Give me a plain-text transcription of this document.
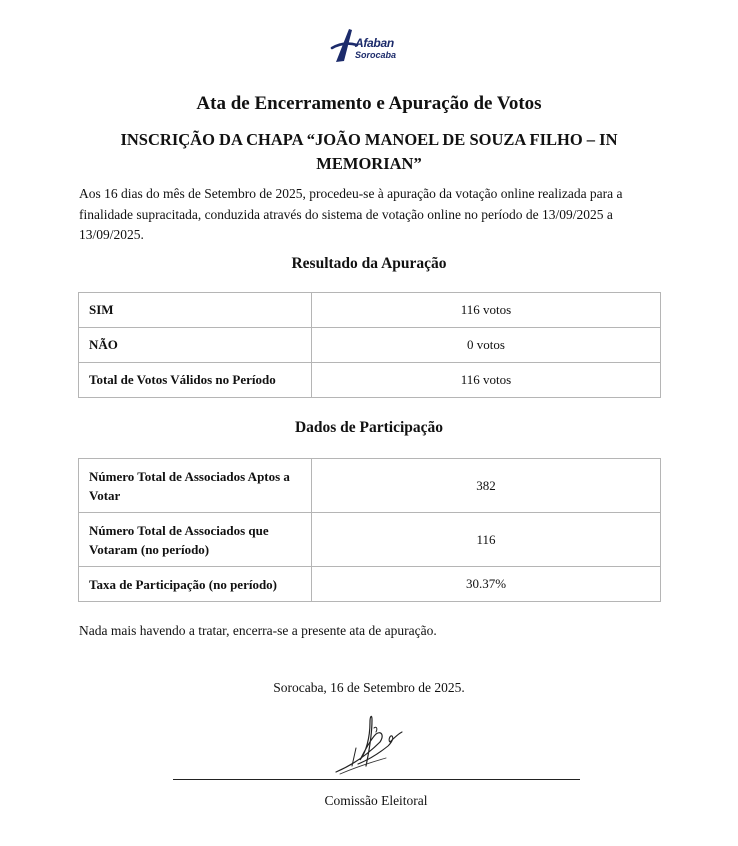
Afaban
Sorocaba
Ata de Encerramento e Apuração de Votos
INSCRIÇÃO DA CHAPA “JOÃO MANOEL DE SOUZA FILHO – IN MEMORIAN”

Aos 16 dias do mês de Setembro de 2025, procedeu-se à apuração da votação online realizada para a finalidade supracitada, conduzida através do sistema de votação online no período de 13/09/2025 a 13/09/2025.

Resultado da Apuração
SIM	116 votos
NÃO	0 votos
Total de Votos Válidos no Período	116 votos
Dados de Participação
Número Total de Associados Aptos a Votar	382
Número Total de Associados que Votaram (no período)	116
Taxa de Participação (no período)	30.37%

Nada mais havendo a tratar, encerra-se a presente ata de apuração.

Sorocaba, 16 de Setembro de 2025.
Comissão Eleitoral
